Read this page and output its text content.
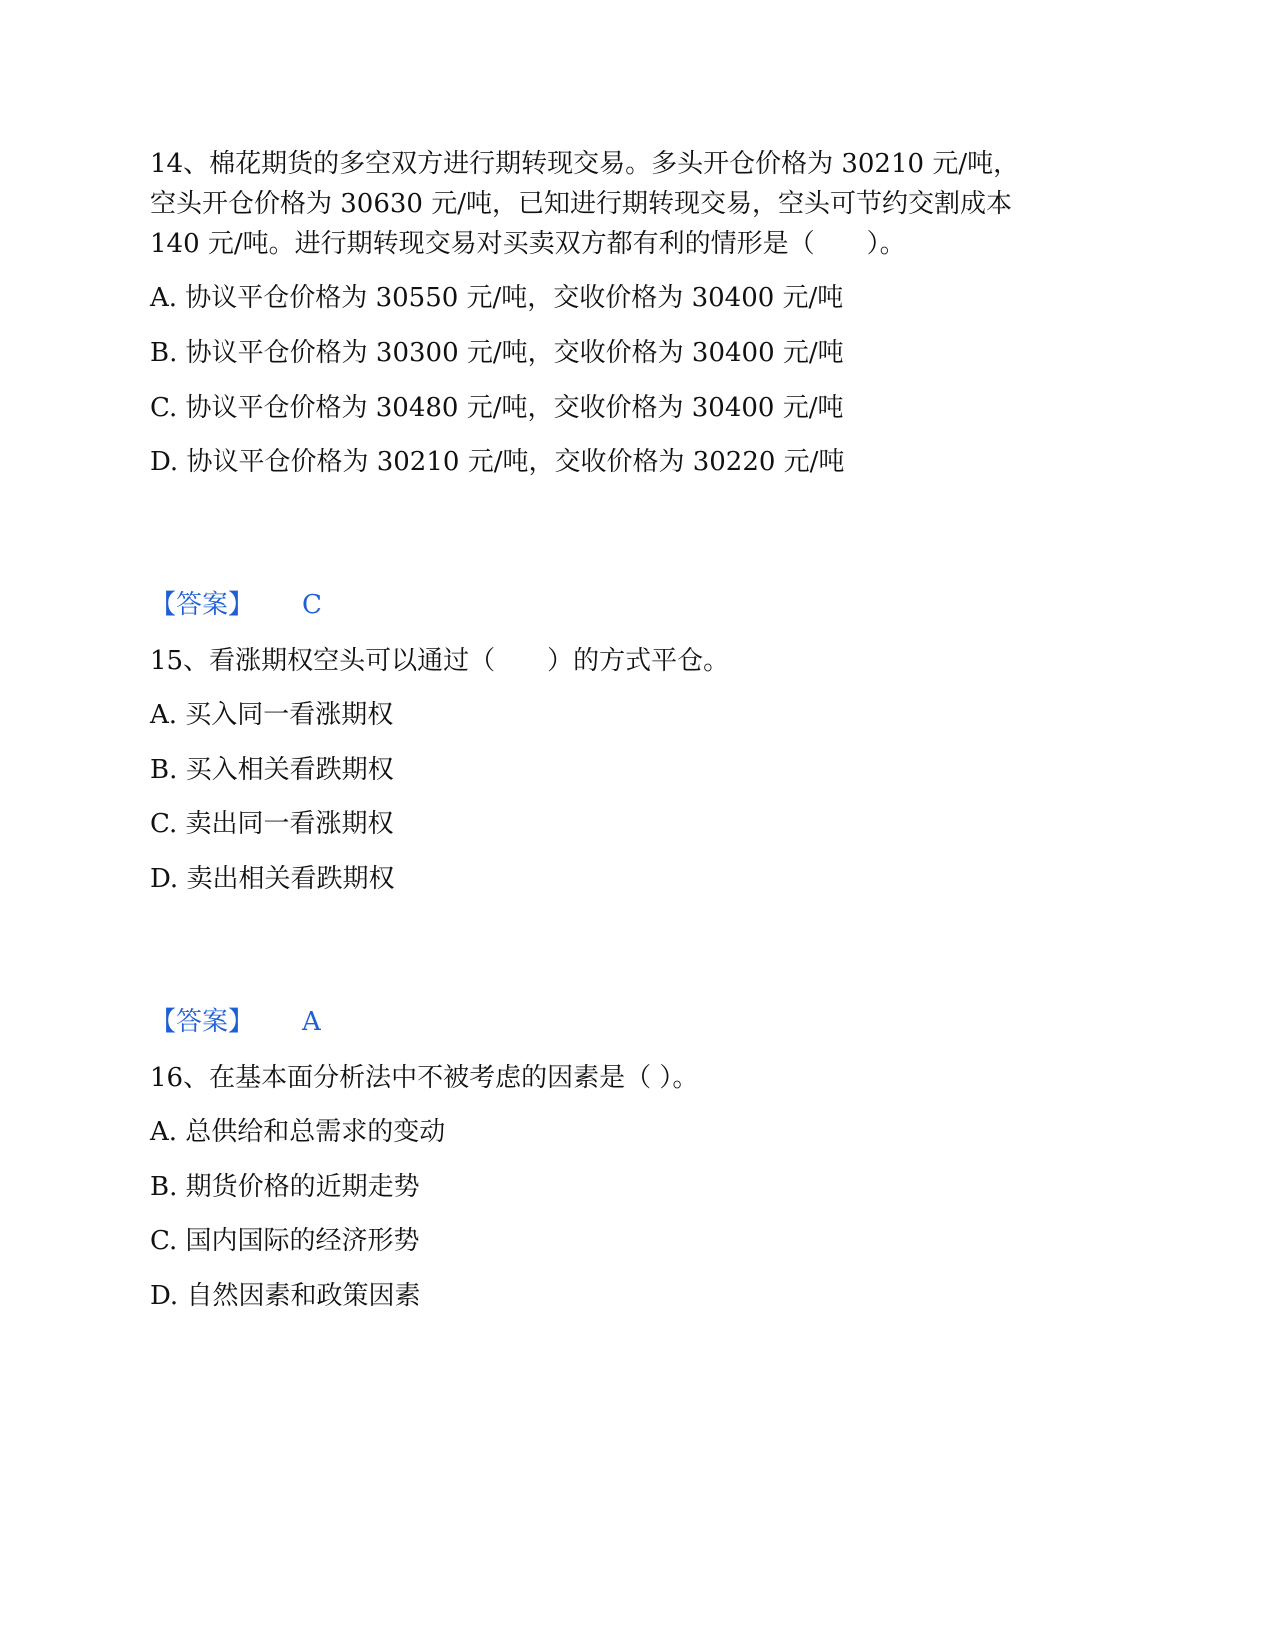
14、棉花期货的多空双方进行期转现交易。多头开仓价格为 30210 元/吨，
空头开仓价格为 30630 元/吨，已知进行期转现交易，空头可节约交割成本
140 元/吨。进行期转现交易对买卖双方都有利的情形是（　　）。
A. 协议平仓价格为 30550 元/吨，交收价格为 30400 元/吨
B. 协议平仓价格为 30300 元/吨，交收价格为 30400 元/吨
C. 协议平仓价格为 30480 元/吨，交收价格为 30400 元/吨
D. 协议平仓价格为 30210 元/吨，交收价格为 30220 元/吨
【答案】 C
15、看涨期权空头可以通过（　　）的方式平仓。
A. 买入同一看涨期权
B. 买入相关看跌期权
C. 卖出同一看涨期权
D. 卖出相关看跌期权
【答案】 A
16、在基本面分析法中不被考虑的因素是（ ）。
A. 总供给和总需求的变动
B. 期货价格的近期走势
C. 国内国际的经济形势
D. 自然因素和政策因素
